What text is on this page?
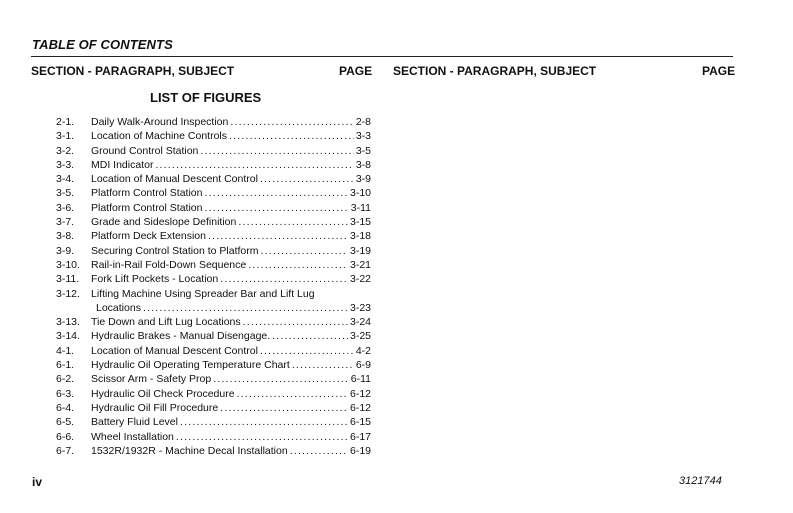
TABLE OF CONTENTS
SECTION - PARAGRAPH, SUBJECT	PAGE SECTION - PARAGRAPH, SUBJECT	PAGE
LIST OF FIGURES
2-1.	Daily Walk-Around Inspection .....	2-8
3-1.	Location of Machine Controls .....	3-3
3-2.	Ground Control Station .....	3-5
3-3.	MDI Indicator .....	3-8
3-4.	Location of Manual Descent Control .....	3-9
3-5.	Platform Control Station .....	3-10
3-6.	Platform Control Station .....	3-11
3-7.	Grade and Sideslope Definition .....	3-15
3-8.	Platform Deck Extension .....	3-18
3-9.	Securing Control Station to Platform .....	3-19
3-10.	Rail-in-Rail Fold-Down Sequence .....	3-21
3-11.	Fork Lift Pockets - Location .....	3-22
3-12.	Lifting Machine Using Spreader Bar and Lift Lug
Locations .....	3-23
3-13.	Tie Down and Lift Lug Locations .....	3-24
3-14.	Hydraulic Brakes - Manual Disengage. .....	3-25
4-1.	Location of Manual Descent Control .....	4-2
6-1.	Hydraulic Oil Operating Temperature Chart .....	6-9
6-2.	Scissor Arm - Safety Prop .....	6-11
6-3.	Hydraulic Oil Check Procedure .....	6-12
6-4.	Hydraulic Oil Fill Procedure .....	6-12
6-5.	Battery Fluid Level .....	6-15
6-6.	Wheel Installation .....	6-17
6-7.	1532R/1932R - Machine Decal Installation .....	6-19
iv	3121744
